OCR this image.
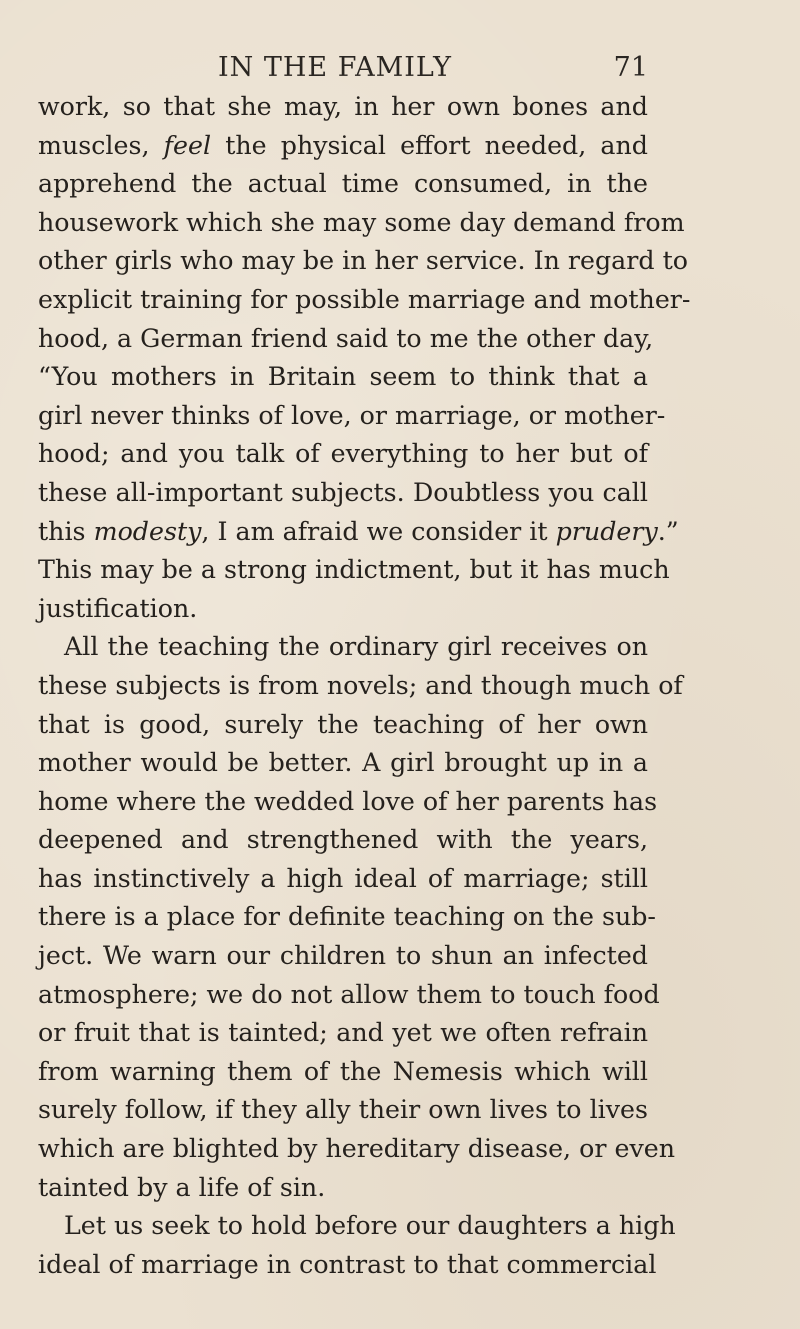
IN THE FAMILY	71
work, so that she may, in her own bones and
muscles, feel the physical effort needed, and
apprehend the actual time consumed, in the
housework which she may some day demand from
other girls who may be in her service. In regard to
explicit training for possible marriage and mother-
hood, a German friend said to me the other day,
“You mothers in Britain seem to think that a
girl never thinks of love, or marriage, or mother-
hood; and you talk of everything to her but of
these all-important subjects. Doubtless you call
this modesty, I am afraid we consider it prudery.”
This may be a strong indictment, but it has much
justification.
All the teaching the ordinary girl receives on
these subjects is from novels; and though much of
that is good, surely the teaching of her own
mother would be better. A girl brought up in a
home where the wedded love of her parents has
deepened and strengthened with the years,
has instinctively a high ideal of marriage; still
there is a place for definite teaching on the sub-
ject. We warn our children to shun an infected
atmosphere; we do not allow them to touch food
or fruit that is tainted; and yet we often refrain
from warning them of the Nemesis which will
surely follow, if they ally their own lives to lives
which are blighted by hereditary disease, or even
tainted by a life of sin.
Let us seek to hold before our daughters a high
ideal of marriage in contrast to that commercial
